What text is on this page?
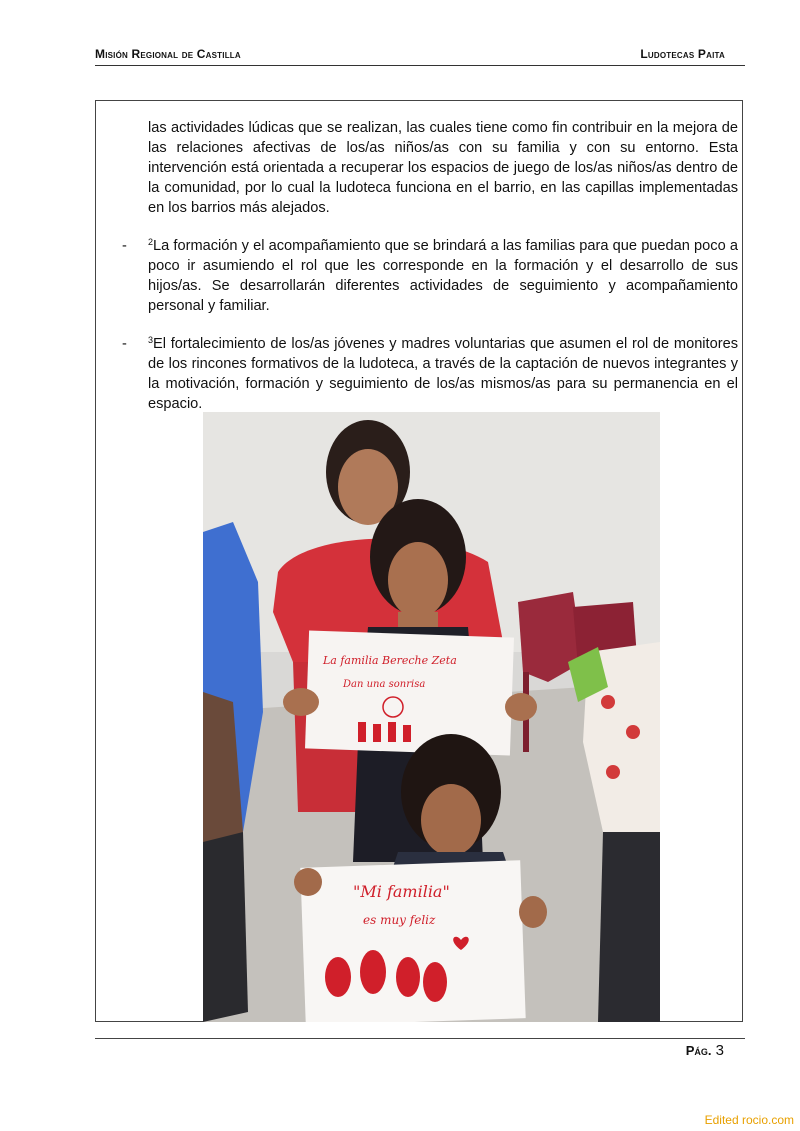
Misión Regional de Castilla	Ludotecas Paita
las actividades lúdicas que se realizan, las cuales tiene como fin contribuir en la mejora de las relaciones afectivas de los/as niños/as con su familia y con su entorno. Esta intervención está orientada a recuperar los espacios de juego de los/as niños/as dentro de la comunidad, por lo cual la ludoteca funciona en el barrio, en las capillas implementadas en los barrios más alejados.
- $^2$La formación y el acompañamiento que se brindará a las familias para que puedan poco a poco ir asumiendo el rol que les corresponde en la formación y el desarrollo de sus hijos/as. Se desarrollarán diferentes actividades de seguimiento y acompañamiento personal y familiar.
- $^3$El fortalecimiento de los/as jóvenes y madres voluntarias que asumen el rol de monitores de los rincones formativos de la ludoteca, a través de la captación de nuevos integrantes y la motivación, formación y seguimiento de los/as mismos/as para su permanencia en el espacio.
La familia Bereche Zeta
Dan una sonrisa
"Mi familia"
es muy feliz
Pág. 3
Edited rocio.com
